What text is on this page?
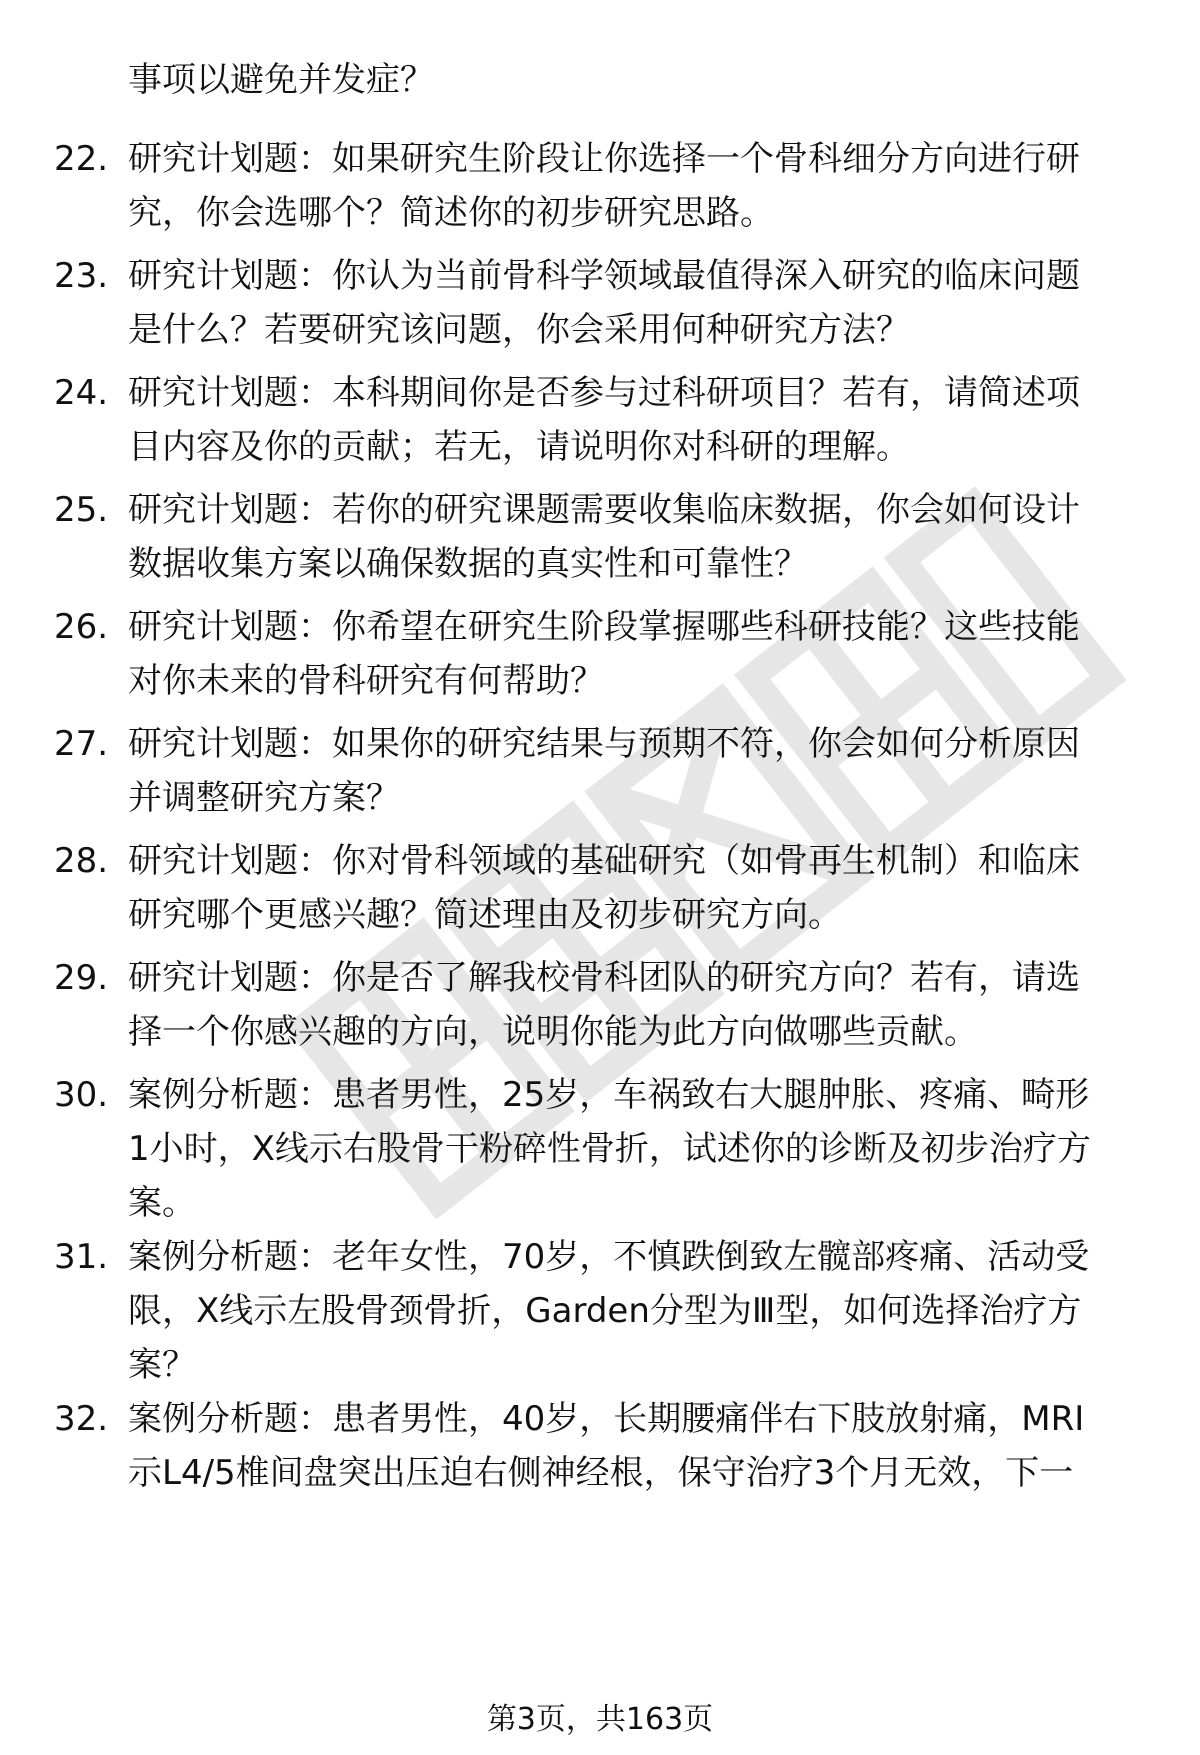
事项以避免并发症？
22. 研究计划题：如果研究生阶段让你选择一个骨科细分方向进行研
究，你会选哪个？简述你的初步研究思路。
23. 研究计划题：你认为当前骨科学领域最值得深入研究的临床问题
是什么？若要研究该问题，你会采用何种研究方法？
24. 研究计划题：本科期间你是否参与过科研项目？若有，请简述项
目内容及你的贡献；若无，请说明你对科研的理解。
25. 研究计划题：若你的研究课题需要收集临床数据，你会如何设计
数据收集方案以确保数据的真实性和可靠性？
26. 研究计划题：你希望在研究生阶段掌握哪些科研技能？这些技能
对你未来的骨科研究有何帮助？
27. 研究计划题：如果你的研究结果与预期不符，你会如何分析原因
并调整研究方案？
28. 研究计划题：你对骨科领域的基础研究（如骨再生机制）和临床
研究哪个更感兴趣？简述理由及初步研究方向。
29. 研究计划题：你是否了解我校骨科团队的研究方向？若有，请选
择一个你感兴趣的方向，说明你能为此方向做哪些贡献。
30. 案例分析题：患者男性，25岁，车祸致右大腿肿胀、疼痛、畸形
1小时，X线示右股骨干粉碎性骨折，试述你的诊断及初步治疗方
案。
31. 案例分析题：老年女性，70岁，不慎跌倒致左髋部疼痛、活动受
限，X线示左股骨颈骨折，Garden分型为Ⅲ型，如何选择治疗方
案？
32. 案例分析题：患者男性，40岁，长期腰痛伴右下肢放射痛，MRI
示L4/5椎间盘突出压迫右侧神经根，保守治疗3个月无效，下一
第3页，共163页
